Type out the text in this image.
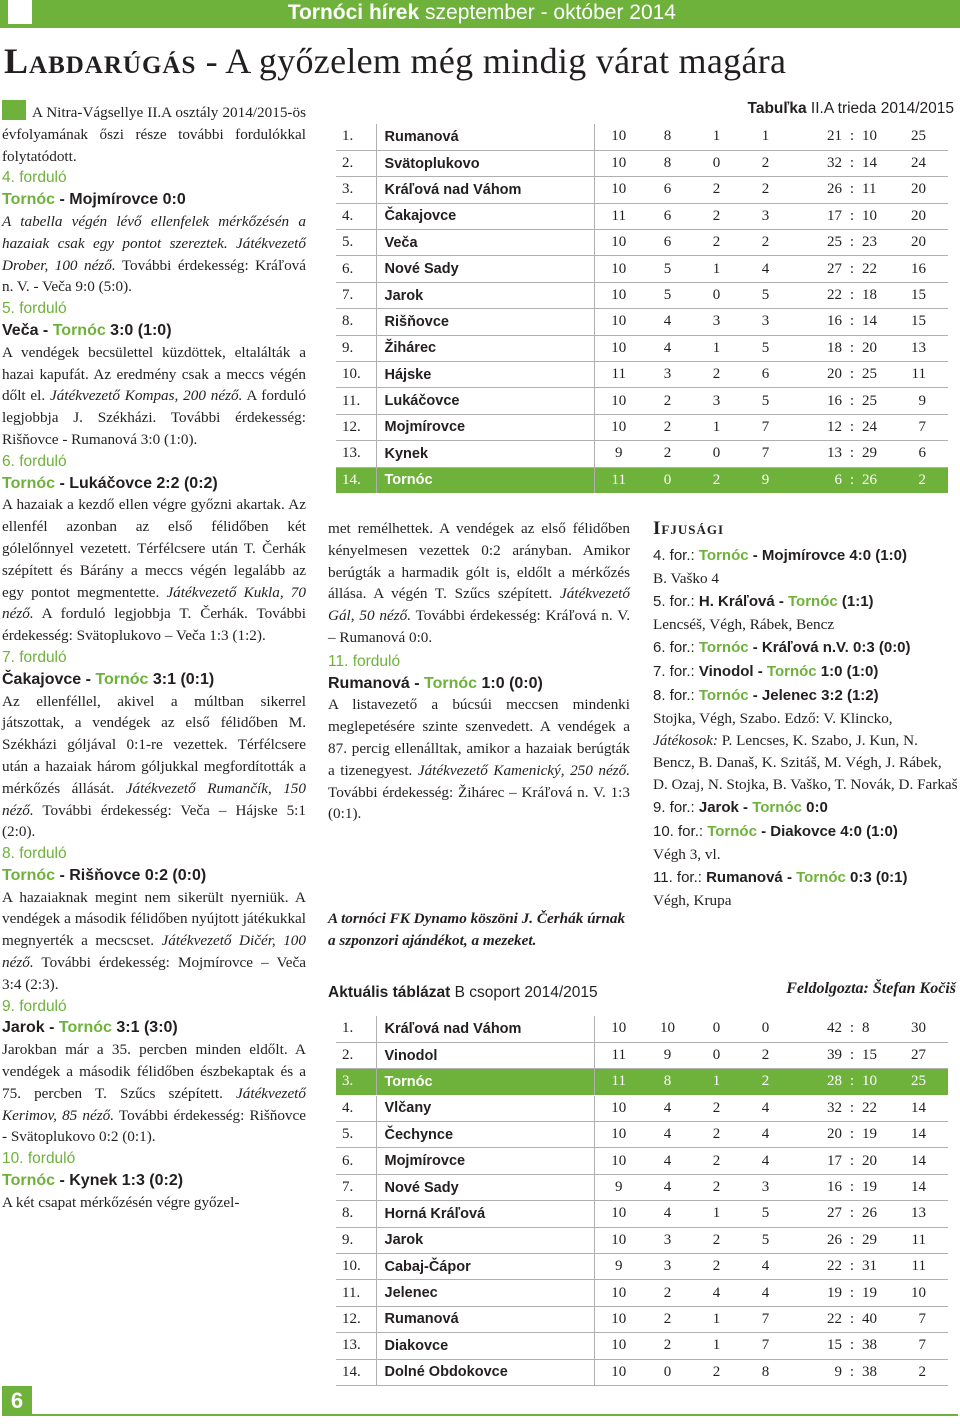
Tornóci hírek szeptember - október 2014
Labdarúgás - A győzelem még mindig várat magára
A Nitra-Vágsellye II.A osztály 2014/2015-ös évfolyamának őszi része további fordulókkal folytatódott.
4. forduló
Tornóc - Mojmírovce 0:0
A tabella végén lévő ellenfelek mérkőzésén a hazaiak csak egy pontot szereztek. Játékvezető Drober, 100 néző. További érdekesség: Kráľová n. V. - Veča 9:0 (5:0).
5. forduló
Veča - Tornóc 3:0 (1:0)
A vendégek becsülettel küzdöttek, eltalálták a hazai kapufát. Az eredmény csak a meccs végén dőlt el. Játékvezető Kompas, 200 néző. A forduló legjobbja J. Székházi. További érdekesség: Rišňovce - Rumanová 3:0 (1:0).
6. forduló
Tornóc - Lukáčovce 2:2 (0:2)
A hazaiak a kezdő ellen végre győzni akartak. Az ellenfél azonban az első félidőben két gólelőnnyel vezetett. Térfélcsere után T. Čerhák szépített és Bárány a meccs végén legalább az egy pontot megmentette. Játékvezető Kukla, 70 néző. A forduló legjobbja T. Čerhák. További érdekesség: Svätoplukovo – Veča 1:3 (1:2).
7. forduló
Čakajovce - Tornóc 3:1 (0:1)
Az ellenféllel, akivel a múltban sikerrel játszottak, a vendégek az első félidőben M. Székházi góljával 0:1-re vezettek. Térfélcsere után a hazaiak három góljukkal megfordították a mérkőzés állását. Játékvezető Rumančík, 150 néző. További érdekesség: Veča – Hájske 5:1 (2:0).
8. forduló
Tornóc - Rišňovce 0:2 (0:0)
A hazaiaknak megint nem sikerült nyerniük. A vendégek a második félidőben nyújtott játékukkal megnyerték a mecscset. Játékvezető Dičér, 100 néző. További érdekesség: Mojmírovce – Veča 3:4 (2:3).
9. forduló
Jarok - Tornóc 3:1 (3:0)
Jarokban már a 35. percben minden eldőlt. A vendégek a második félidőben észbekaptak és a 75. percben T. Szűcs szépített. Játékvezető Kerimov, 85 néző. További érdekesség: Rišňovce - Svätoplukovo 0:2 (0:1).
10. forduló
Tornóc - Kynek 1:3 (0:2)
A két csapat mérkőzésén végre győzel-
Tabuľka II.A trieda 2014/2015
1.	Rumanová	10	8	1	1	21	:	10	25
2.	Svätoplukovo	10	8	0	2	32	:	14	24
3.	Kráľová nad Váhom	10	6	2	2	26	:	11	20
4.	Čakajovce	11	6	2	3	17	:	10	20
5.	Veča	10	6	2	2	25	:	23	20
6.	Nové Sady	10	5	1	4	27	:	22	16
7.	Jarok	10	5	0	5	22	:	18	15
8.	Rišňovce	10	4	3	3	16	:	14	15
9.	Žihárec	10	4	1	5	18	:	20	13
10.	Hájske	11	3	2	6	20	:	25	11
11.	Lukáčovce	10	2	3	5	16	:	25	9
12.	Mojmírovce	10	2	1	7	12	:	24	7
13.	Kynek	9	2	0	7	13	:	29	6
14.	Tornóc	11	0	2	9	6	:	26	2
met remélhettek. A vendégek az első félidőben kényelmesen vezettek 0:2 arányban. Amikor berúgták a harmadik gólt is, eldőlt a mérkőzés állása. A végén T. Szűcs szépített. Játékvezető Gál, 50 néző. További érdekesség: Kráľová n. V. – Rumanová 0:0.
11. forduló
Rumanová - Tornóc 1:0 (0:0)
A listavezető a búcsúi meccsen mindenki meglepetésére szinte szenvedett. A vendégek a 87. percig ellenálltak, amikor a hazaiak berúgták a tizenegyest. Játékvezető Kamenický, 250 néző. További érdekesség: Žihárec – Kráľová n. V. 1:3 (0:1).
A tornóci FK Dynamo köszöni J. Čerhák úrnak a szponzori ajándékot, a mezeket.
Ifjusági
4. for.: Tornóc - Mojmírovce 4:0 (1:0)
B. Vaško 4
5. for.: H. Kráľová - Tornóc (1:1)
Lencséš, Végh, Rábek, Bencz
6. for.: Tornóc - Kráľová n.V. 0:3 (0:0)
7. for.: Vinodol - Tornóc 1:0 (1:0)
8. for.: Tornóc - Jelenec 3:2 (1:2)
Stojka, Végh, Szabo. Edző: V. Klincko, Játékosok: P. Lencses, K. Szabo, J. Kun, N. Bencz, B. Današ, K. Szitáš, M. Végh, J. Rábek, D. Ozaj, N. Stojka, B. Vaško, T. Novák, D. Farkaš
9. for.: Jarok - Tornóc 0:0
10. for.: Tornóc - Diakovce 4:0 (1:0)
Végh 3, vl.
11. for.: Rumanová - Tornóc 0:3 (0:1)
Végh, Krupa
Feldolgozta: Štefan Kočiš
Aktuális táblázat B csoport 2014/2015
1.	Kráľová nad Váhom	10	10	0	0	42	:	8	30
2.	Vinodol	11	9	0	2	39	:	15	27
3.	Tornóc	11	8	1	2	28	:	10	25
4.	Vlčany	10	4	2	4	32	:	22	14
5.	Čechynce	10	4	2	4	20	:	19	14
6.	Mojmírovce	10	4	2	4	17	:	20	14
7.	Nové Sady	9	4	2	3	16	:	19	14
8.	Horná Kráľová	10	4	1	5	27	:	26	13
9.	Jarok	10	3	2	5	26	:	29	11
10.	Cabaj-Čápor	9	3	2	4	22	:	31	11
11.	Jelenec	10	2	4	4	19	:	19	10
12.	Rumanová	10	2	1	7	22	:	40	7
13.	Diakovce	10	2	1	7	15	:	38	7
14.	Dolné Obdokovce	10	0	2	8	9	:	38	2
6
